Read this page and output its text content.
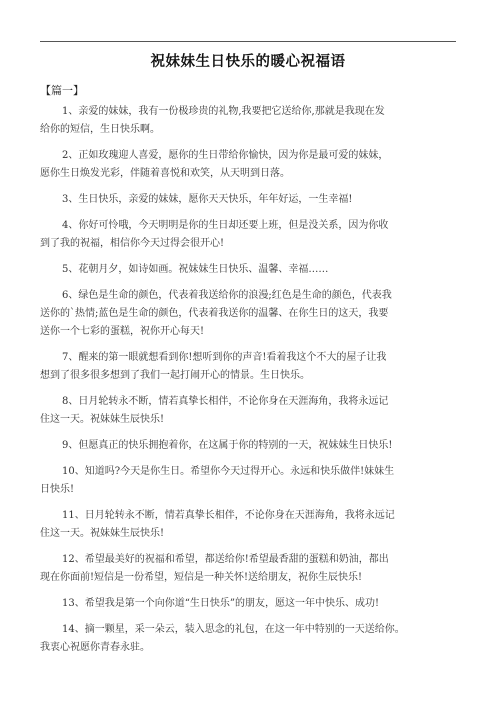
祝妹妹生日快乐的暖心祝福语
【篇一】

1、亲爱的妹妹，我有一份极珍贵的礼物,我要把它送给你,那就是我现在发
给你的短信，生日快乐啊。

2、正如玫瑰迎人喜爱，愿你的生日带给你愉快，因为你是最可爱的妹妹，
愿你生日焕发光彩，伴随着喜悦和欢笑，从天明到日落。

3、生日快乐，亲爱的妹妹，愿你天天快乐，年年好运，一生幸福!

4、你好可怜哦，今天明明是你的生日却还要上班，但是没关系，因为你收
到了我的祝福，相信你今天过得会很开心!

5、花朝月夕，如诗如画。祝妹妹生日快乐、温馨、幸福……

6、绿色是生命的颜色，代表着我送给你的浪漫;红色是生命的颜色，代表我
送你的`热情;蓝色是生命的颜色，代表着我送你的温馨、在你生日的这天，我要
送你一个七彩的蛋糕，祝你开心每天!

7、醒来的第一眼就想看到你!想听到你的声音!看着我这个不大的屋子让我
想到了很多很多想到了我们一起打闹开心的情景。生日快乐。

8、日月轮转永不断，情若真挚长相伴，不论你身在天涯海角，我将永远记
住这一天。祝妹妹生辰快乐!

9、但愿真正的快乐拥抱着你，在这属于你的特别的一天，祝妹妹生日快乐!

10、知道吗?今天是你生日。希望你今天过得开心。永远和快乐做伴!妹妹生
日快乐!

11、日月轮转永不断，情若真挚长相伴，不论你身在天涯海角，我将永远记
住这一天。祝妹妹生辰快乐!

12、希望最美好的祝福和希望，都送给你!希望最香甜的蛋糕和奶油，都出
现在你面前!短信是一份希望，短信是一种关怀!送给朋友，祝你生辰快乐!

13、希望我是第一个向你道“生日快乐”的朋友，愿这一年中快乐、成功!

14、摘一颗星，采一朵云，装入思念的礼包，在这一年中特别的一天送给你。
我衷心祝愿你青春永驻。
